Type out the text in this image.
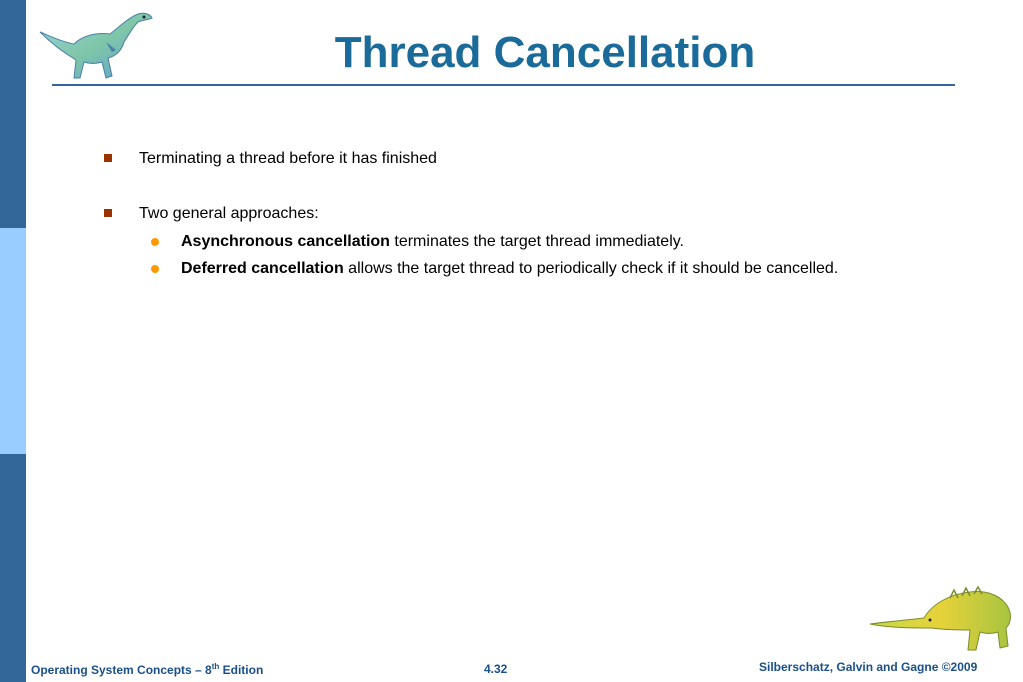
Thread Cancellation
Terminating a thread before it has finished
Two general approaches:
Asynchronous cancellation terminates the target thread immediately.
Deferred cancellation allows the target thread to periodically check if it should be cancelled.
Operating System Concepts – 8th Edition	4.32	Silberschatz, Galvin and Gagne ©2009
